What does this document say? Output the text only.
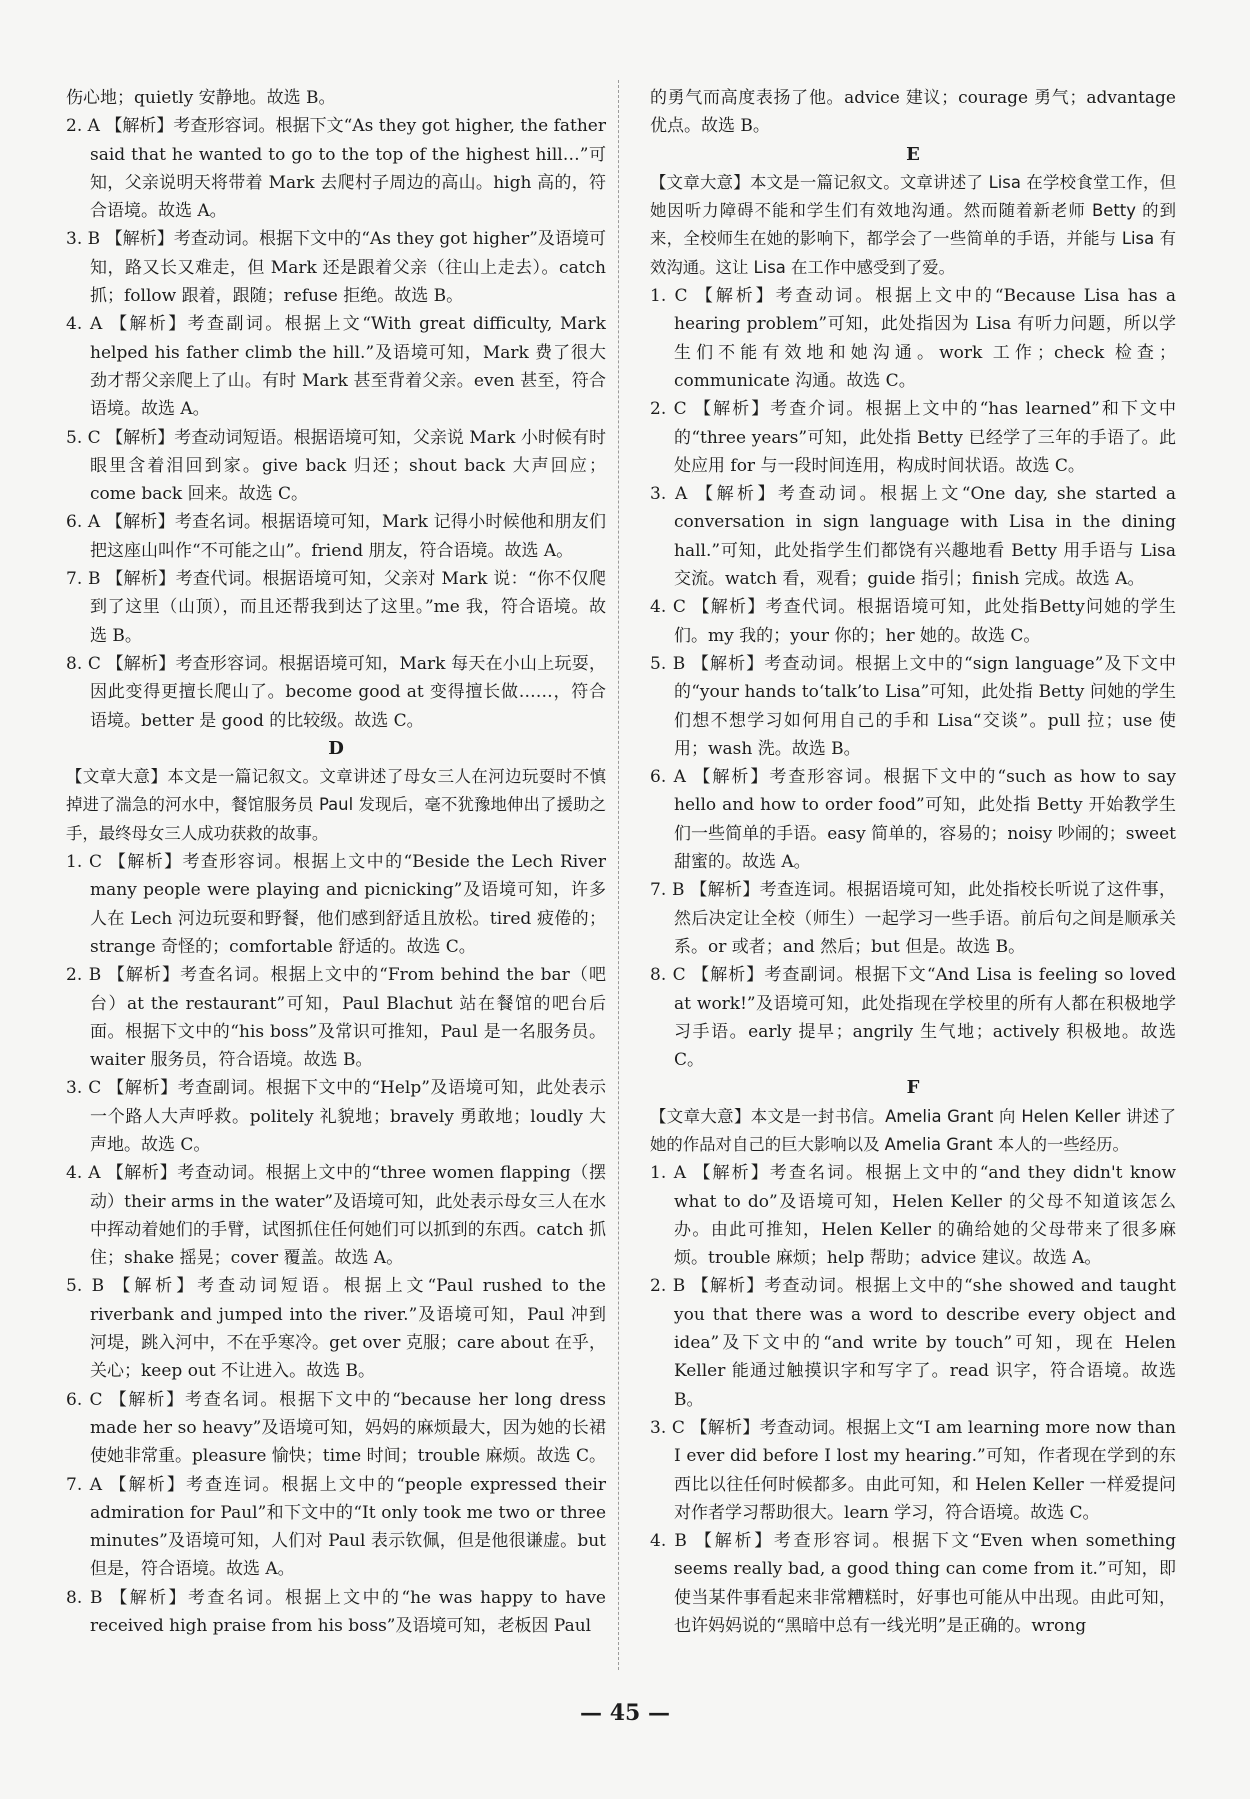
伤心地；quietly 安静地。故选 B。

2. A 【解析】考查形容词。根据下文“As they got higher, the father said that he wanted to go to the top of the highest hill…”可知，父亲说明天将带着 Mark 去爬村子周边的高山。high 高的，符合语境。故选 A。

3. B 【解析】考查动词。根据下文中的“As they got higher”及语境可知，路又长又难走，但 Mark 还是跟着父亲（往山上走去）。catch 抓；follow 跟着，跟随；refuse 拒绝。故选 B。

4. A 【解析】考查副词。根据上文“With great difficulty, Mark helped his father climb the hill.”及语境可知，Mark 费了很大劲才帮父亲爬上了山。有时 Mark 甚至背着父亲。even 甚至，符合语境。故选 A。

5. C 【解析】考查动词短语。根据语境可知，父亲说 Mark 小时候有时眼里含着泪回到家。give back 归还；shout back 大声回应；come back 回来。故选 C。

6. A 【解析】考查名词。根据语境可知，Mark 记得小时候他和朋友们把这座山叫作“不可能之山”。friend 朋友，符合语境。故选 A。

7. B 【解析】考查代词。根据语境可知，父亲对 Mark 说：“你不仅爬到了这里（山顶），而且还帮我到达了这里。”me 我，符合语境。故选 B。

8. C 【解析】考查形容词。根据语境可知，Mark 每天在小山上玩耍，因此变得更擅长爬山了。become good at 变得擅长做……，符合语境。better 是 good 的比较级。故选 C。

D

【文章大意】本文是一篇记叙文。文章讲述了母女三人在河边玩耍时不慎掉进了湍急的河水中，餐馆服务员 Paul 发现后，毫不犹豫地伸出了援助之手，最终母女三人成功获救的故事。

1. C 【解析】考查形容词。根据上文中的“Beside the Lech River many people were playing and picnicking”及语境可知，许多人在 Lech 河边玩耍和野餐，他们感到舒适且放松。tired 疲倦的；strange 奇怪的；comfortable 舒适的。故选 C。

2. B 【解析】考查名词。根据上文中的“From behind the bar（吧台）at the restaurant”可知，Paul Blachut 站在餐馆的吧台后面。根据下文中的“his boss”及常识可推知，Paul 是一名服务员。waiter 服务员，符合语境。故选 B。

3. C 【解析】考查副词。根据下文中的“Help”及语境可知，此处表示一个路人大声呼救。politely 礼貌地；bravely 勇敢地；loudly 大声地。故选 C。

4. A 【解析】考查动词。根据上文中的“three women flapping（摆动）their arms in the water”及语境可知，此处表示母女三人在水中挥动着她们的手臂，试图抓住任何她们可以抓到的东西。catch 抓住；shake 摇晃；cover 覆盖。故选 A。

5. B 【解析】考查动词短语。根据上文“Paul rushed to the riverbank and jumped into the river.”及语境可知，Paul 冲到河堤，跳入河中，不在乎寒冷。get over 克服；care about 在乎，关心；keep out 不让进入。故选 B。

6. C 【解析】考查名词。根据下文中的“because her long dress made her so heavy”及语境可知，妈妈的麻烦最大，因为她的长裙使她非常重。pleasure 愉快；time 时间；trouble 麻烦。故选 C。

7. A 【解析】考查连词。根据上文中的“people expressed their admiration for Paul”和下文中的“It only took me two or three minutes”及语境可知，人们对 Paul 表示钦佩，但是他很谦虚。but 但是，符合语境。故选 A。

8. B 【解析】考查名词。根据上文中的“he was happy to have received high praise from his boss”及语境可知，老板因 Paul

的勇气而高度表扬了他。advice 建议；courage 勇气；advantage 优点。故选 B。

E

【文章大意】本文是一篇记叙文。文章讲述了 Lisa 在学校食堂工作，但她因听力障碍不能和学生们有效地沟通。然而随着新老师 Betty 的到来，全校师生在她的影响下，都学会了一些简单的手语，并能与 Lisa 有效沟通。这让 Lisa 在工作中感受到了爱。

1. C 【解析】考查动词。根据上文中的“Because Lisa has a hearing problem”可知，此处指因为 Lisa 有听力问题，所以学生们不能有效地和她沟通。work 工作；check 检查；communicate 沟通。故选 C。

2. C 【解析】考查介词。根据上文中的“has learned”和下文中的“three years”可知，此处指 Betty 已经学了三年的手语了。此处应用 for 与一段时间连用，构成时间状语。故选 C。

3. A 【解析】考查动词。根据上文“One day, she started a conversation in sign language with Lisa in the dining hall.”可知，此处指学生们都饶有兴趣地看 Betty 用手语与 Lisa 交流。watch 看，观看；guide 指引；finish 完成。故选 A。

4. C 【解析】考查代词。根据语境可知，此处指Betty问她的学生们。my 我的；your 你的；her 她的。故选 C。

5. B 【解析】考查动词。根据上文中的“sign language”及下文中的“your hands to‘talk’to Lisa”可知，此处指 Betty 问她的学生们想不想学习如何用自己的手和 Lisa“交谈”。pull 拉；use 使用；wash 洗。故选 B。

6. A 【解析】考查形容词。根据下文中的“such as how to say hello and how to order food”可知，此处指 Betty 开始教学生们一些简单的手语。easy 简单的，容易的；noisy 吵闹的；sweet 甜蜜的。故选 A。

7. B 【解析】考查连词。根据语境可知，此处指校长听说了这件事，然后决定让全校（师生）一起学习一些手语。前后句之间是顺承关系。or 或者；and 然后；but 但是。故选 B。

8. C 【解析】考查副词。根据下文“And Lisa is feeling so loved at work!”及语境可知，此处指现在学校里的所有人都在积极地学习手语。early 提早；angrily 生气地；actively 积极地。故选 C。

F

【文章大意】本文是一封书信。Amelia Grant 向 Helen Keller 讲述了她的作品对自己的巨大影响以及 Amelia Grant 本人的一些经历。

1. A 【解析】考查名词。根据上文中的“and they didn't know what to do”及语境可知，Helen Keller 的父母不知道该怎么办。由此可推知，Helen Keller 的确给她的父母带来了很多麻烦。trouble 麻烦；help 帮助；advice 建议。故选 A。

2. B 【解析】考查动词。根据上文中的“she showed and taught you that there was a word to describe every object and idea”及下文中的“and write by touch”可知，现在 Helen Keller 能通过触摸识字和写字了。read 识字，符合语境。故选 B。

3. C 【解析】考查动词。根据上文“I am learning more now than I ever did before I lost my hearing.”可知，作者现在学到的东西比以往任何时候都多。由此可知，和 Helen Keller 一样爱提问对作者学习帮助很大。learn 学习，符合语境。故选 C。

4. B 【解析】考查形容词。根据下文“Even when something seems really bad, a good thing can come from it.”可知，即使当某件事看起来非常糟糕时，好事也可能从中出现。由此可知，也许妈妈说的“黑暗中总有一线光明”是正确的。wrong

— 45 —
